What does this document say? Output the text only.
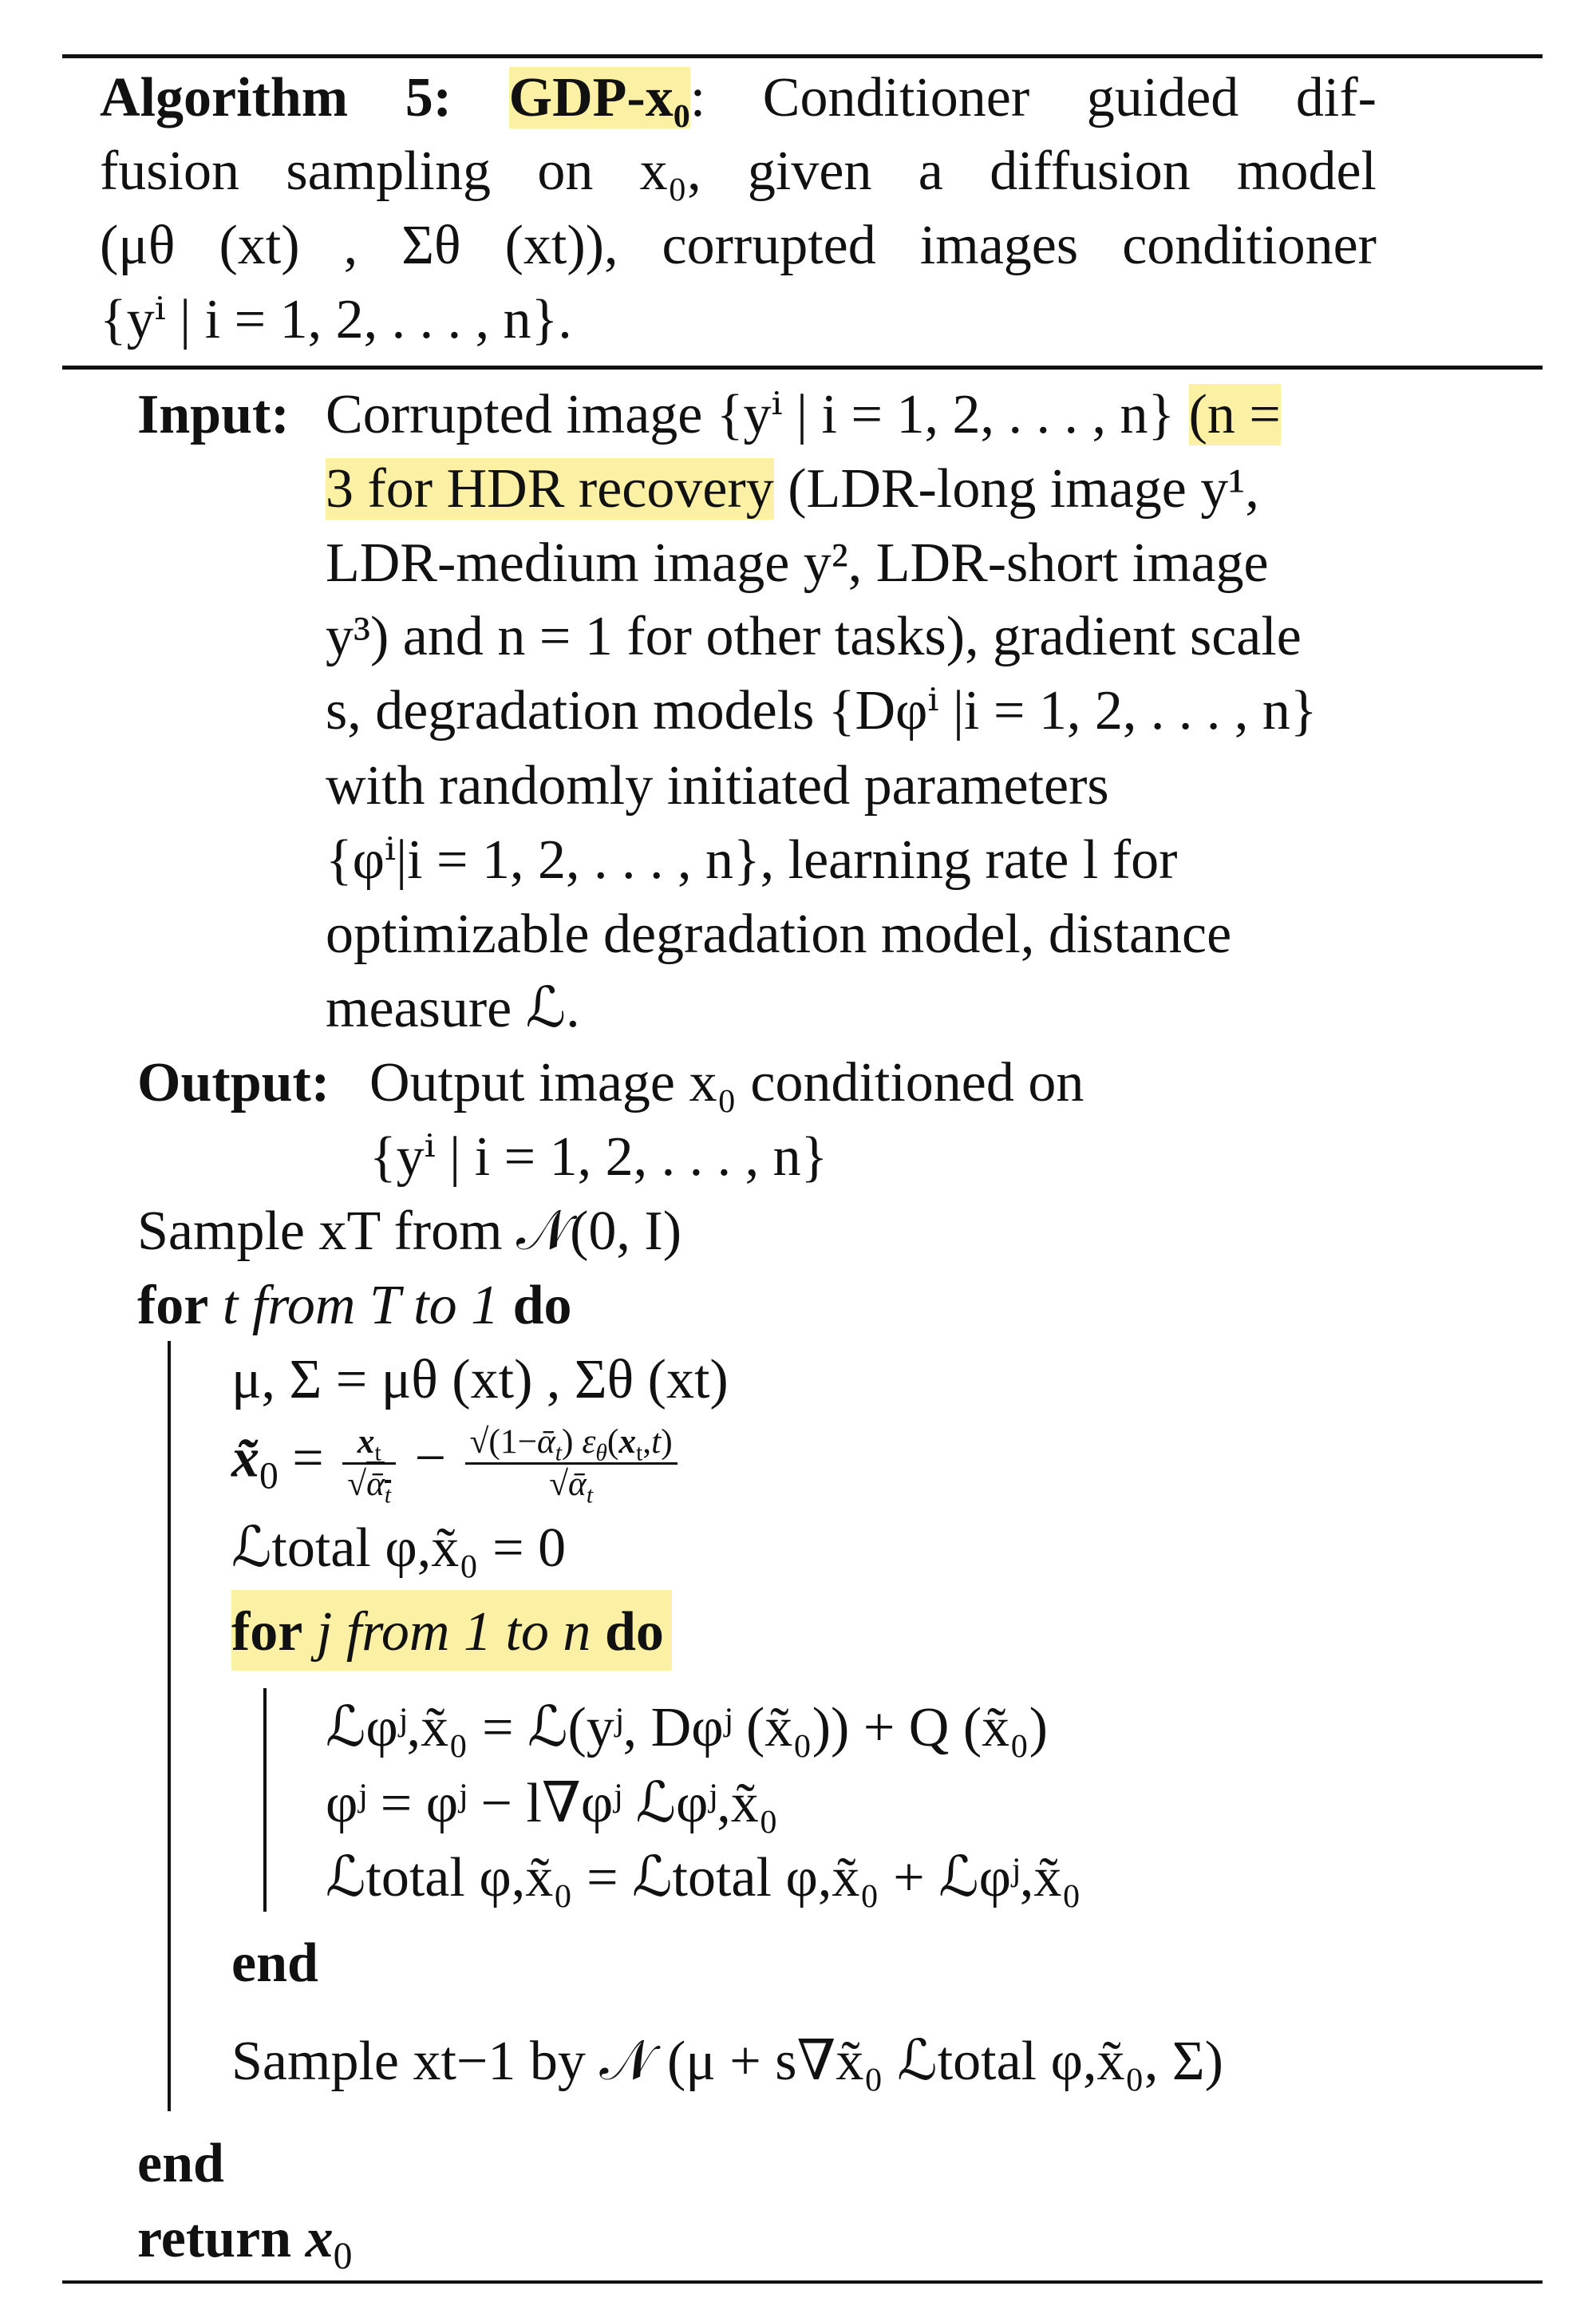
Algorithm 5: GDP-x₀: Conditioner guided dif-
fusion sampling on x₀, given a diffusion model
(μθ (xt) , Σθ (xt)), corrupted images conditioner
{yⁱ | i = 1, 2, . . . , n}.
Input: Corrupted image {yⁱ | i = 1, 2, . . . , n} (n =
3 for HDR recovery (LDR-long image y¹,
LDR-medium image y², LDR-short image
y³) and n = 1 for other tasks), gradient scale
s, degradation models {Dφⁱ |i = 1, 2, . . . , n}
with randomly initiated parameters
{φⁱ|i = 1, 2, . . . , n}, learning rate l for
optimizable degradation model, distance
measure ℒ.
Output: Output image x₀ conditioned on
{yⁱ | i = 1, 2, . . . , n}
Sample xT from 𝒩(0, I)
for t from T to 1 do
μ, Σ = μθ (xt) , Σθ (xt)
$x̃_0 = \frac{x_t}{√ᾱ_t} - \frac{√(1-ᾱ_t) \varepsilon_\theta(x_t,t)}{√ᾱ_t}$
ℒtotal φ,x̃₀ = 0
for j from 1 to n do
ℒφʲ,x̃₀ = ℒ(yʲ, Dφʲ (x̃₀)) + Q (x̃₀)
φʲ = φʲ − l∇φʲ ℒφʲ,x̃₀
ℒtotal φ,x̃₀ = ℒtotal φ,x̃₀ + ℒφʲ,x̃₀
end
Sample xt−1 by 𝒩 (μ + s∇x̃₀ ℒtotal φ,x̃₀, Σ)
end
return $x_0$
